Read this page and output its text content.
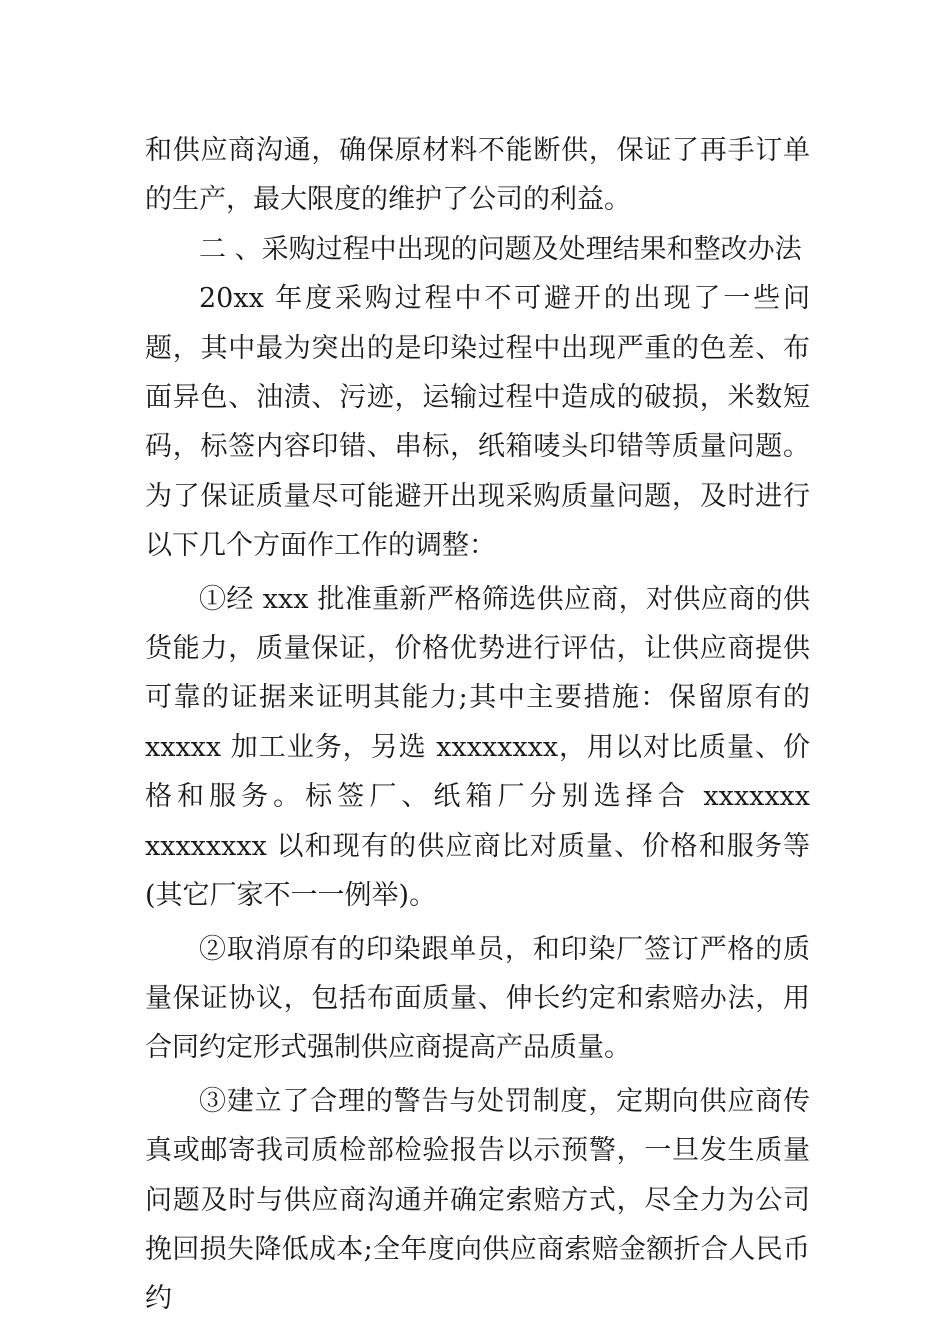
和供应商沟通，确保原材料不能断供，保证了再手订单的生产，最大限度的维护了公司的利益。

二 、采购过程中出现的问题及处理结果和整改办法

20xx 年度采购过程中不可避开的出现了一些问题，其中最为突出的是印染过程中出现严重的色差、布面异色、油渍、污迹，运输过程中造成的破损，米数短码，标签内容印错、串标，纸箱唛头印错等质量问题。为了保证质量尽可能避开出现采购质量问题，及时进行以下几个方面作工作的调整：

①经 xxx 批准重新严格筛选供应商，对供应商的供货能力，质量保证，价格优势进行评估，让供应商提供可靠的证据来证明其能力;其中主要措施：保留原有的 xxxxx 加工业务，另选 xxxxxxxx，用以对比质量、价格和服务。标签厂、纸箱厂分别选择合 xxxxxxx xxxxxxxx 以和现有的供应商比对质量、价格和服务等(其它厂家不一一例举)。

②取消原有的印染跟单员，和印染厂签订严格的质量保证协议，包括布面质量、伸长约定和索赔办法，用合同约定形式强制供应商提高产品质量。

③建立了合理的警告与处罚制度，定期向供应商传真或邮寄我司质检部检验报告以示预警，一旦发生质量问题及时与供应商沟通并确定索赔方式，尽全力为公司挽回损失降低成本;全年度向供应商索赔金额折合人民币约
